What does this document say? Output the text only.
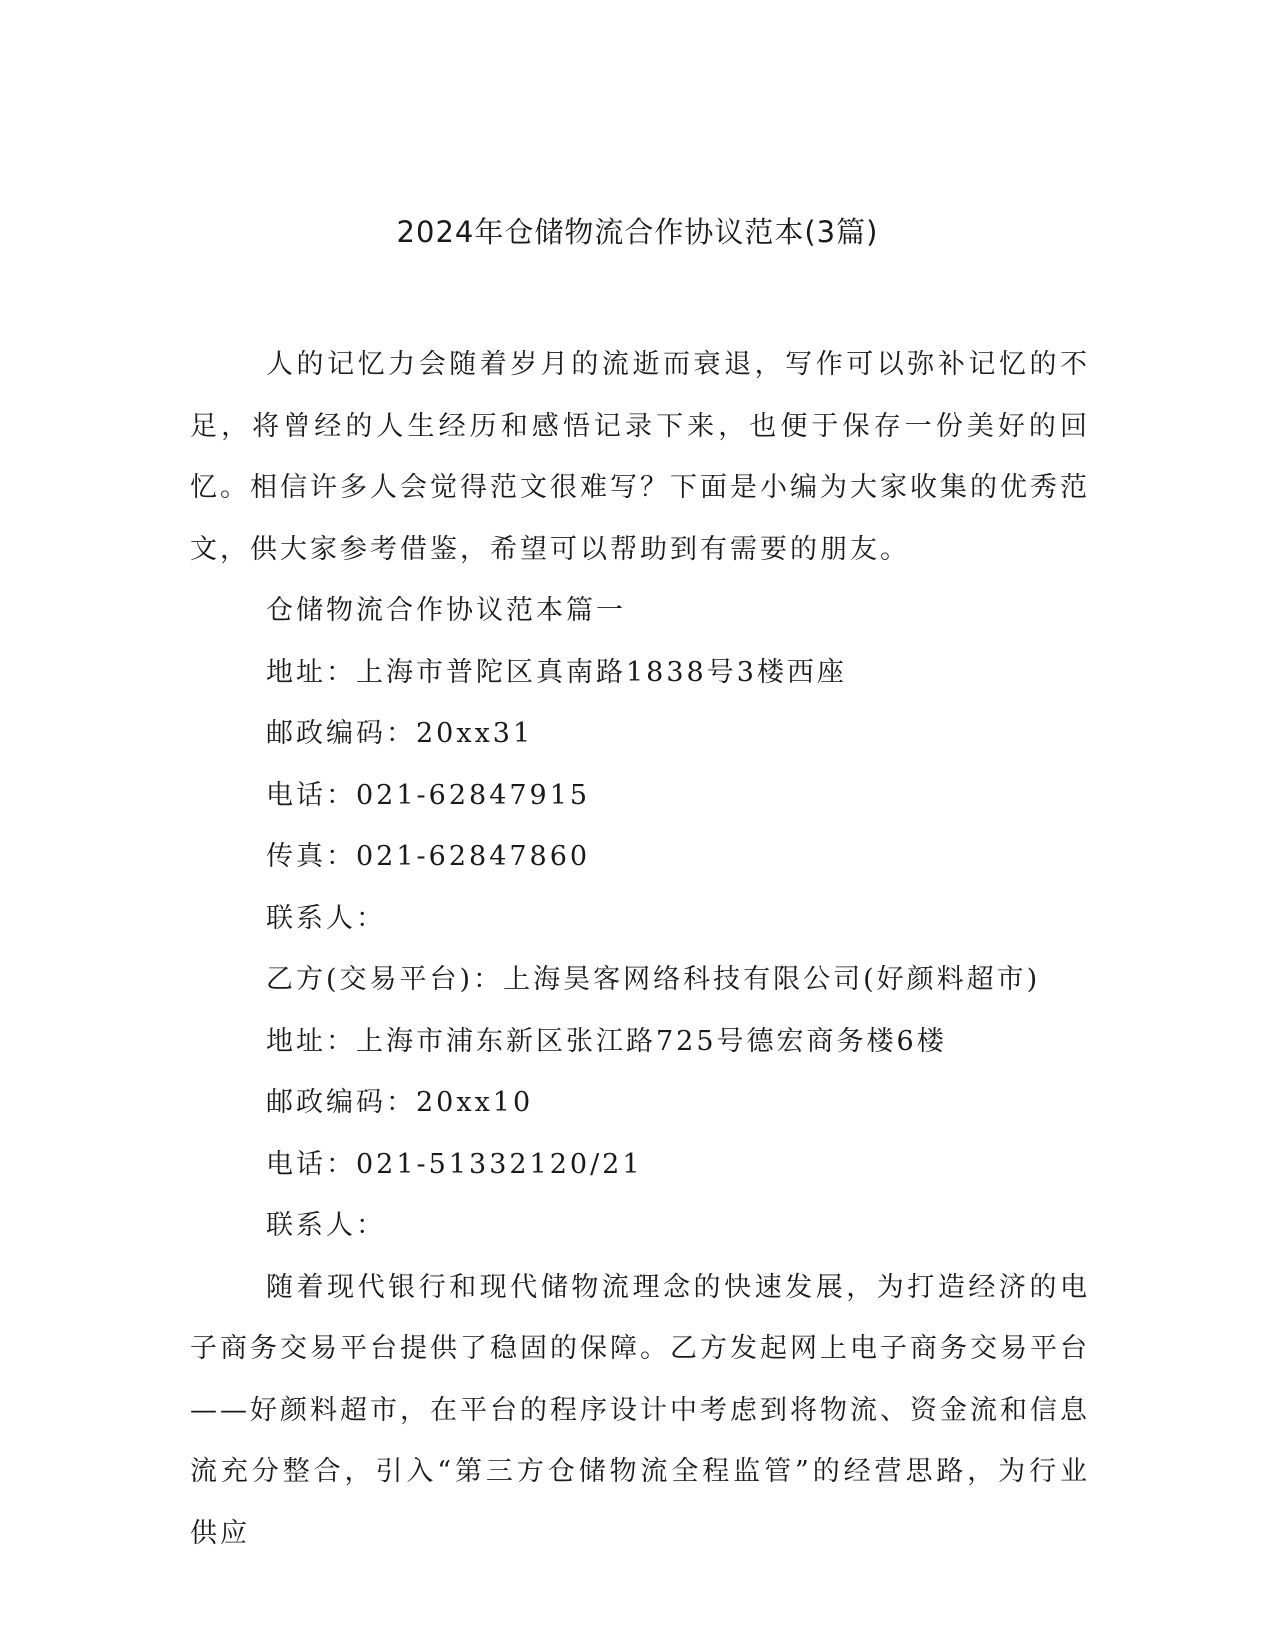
2024年仓储物流合作协议范本(3篇)

人的记忆力会随着岁月的流逝而衰退，写作可以弥补记忆的不足，将曾经的人生经历和感悟记录下来，也便于保存一份美好的回忆。相信许多人会觉得范文很难写？下面是小编为大家收集的优秀范文，供大家参考借鉴，希望可以帮助到有需要的朋友。

仓储物流合作协议范本篇一

地址：上海市普陀区真南路1838号3楼西座

邮政编码：20xx31

电话：021-62847915

传真：021-62847860

联系人：

乙方(交易平台)：上海昊客网络科技有限公司(好颜料超市)

地址：上海市浦东新区张江路725号德宏商务楼6楼

邮政编码：20xx10

电话：021-51332120/21

联系人：

随着现代银行和现代储物流理念的快速发展，为打造经济的电子商务交易平台提供了稳固的保障。乙方发起网上电子商务交易平台——好颜料超市，在平台的程序设计中考虑到将物流、资金流和信息流充分整合，引入“第三方仓储物流全程监管”的经营思路，为行业供应
